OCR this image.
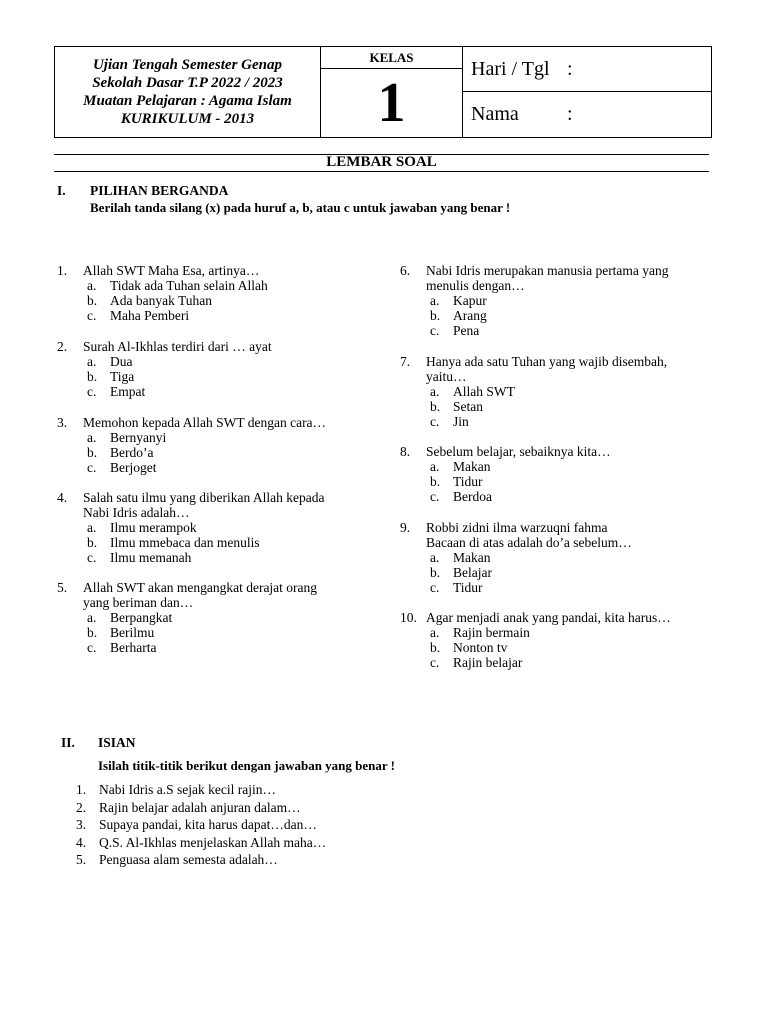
Ujian Tengah Semester Genap
Sekolah Dasar T.P 2022 / 2023
Muatan Pelajaran : Agama Islam
KURIKULUM - 2013
KELAS
1
Hari / Tgl :
Nama :
LEMBAR SOAL
I. PILIHAN BERGANDA
Berilah tanda silang (x) pada huruf a, b, atau c untuk jawaban yang benar !
1. Allah SWT Maha Esa, artinya…
a. Tidak ada Tuhan selain Allah
b. Ada banyak Tuhan
c. Maha Pemberi
2. Surah Al-Ikhlas terdiri dari … ayat
a. Dua
b. Tiga
c. Empat
3. Memohon kepada Allah SWT dengan cara…
a. Bernyanyi
b. Berdo’a
c. Berjoget
4. Salah satu ilmu yang diberikan Allah kepada
Nabi Idris adalah…
a. Ilmu merampok
b. Ilmu mmebaca dan menulis
c. Ilmu memanah
5. Allah SWT akan mengangkat derajat orang
yang beriman dan…
a. Berpangkat
b. Berilmu
c. Berharta
6. Nabi Idris merupakan manusia pertama yang
menulis dengan…
a. Kapur
b. Arang
c. Pena
7. Hanya ada satu Tuhan yang wajib disembah,
yaitu…
a. Allah SWT
b. Setan
c. Jin
8. Sebelum belajar, sebaiknya kita…
a. Makan
b. Tidur
c. Berdoa
9. Robbi zidni ilma warzuqni fahma
Bacaan di atas adalah do’a sebelum…
a. Makan
b. Belajar
c. Tidur
10. Agar menjadi anak yang pandai, kita harus…
a. Rajin bermain
b. Nonton tv
c. Rajin belajar
II. ISIAN
Isilah titik-titik berikut dengan jawaban yang benar !
1. Nabi Idris a.S sejak kecil rajin…
2. Rajin belajar adalah anjuran dalam…
3. Supaya pandai, kita harus dapat…dan…
4. Q.S. Al-Ikhlas menjelaskan Allah maha…
5. Penguasa alam semesta adalah…
